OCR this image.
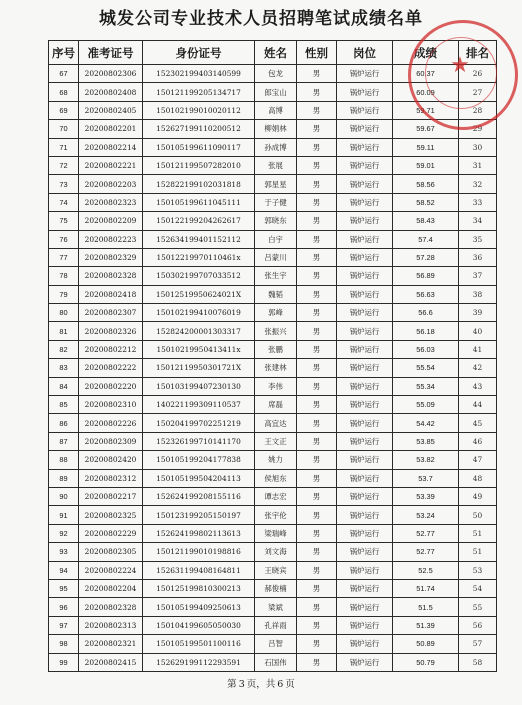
城发公司专业技术人员招聘笔试成绩名单
序号	准考证号	身份证号	姓名	性别	岗位	成绩	排名
67	20200802306	152302199403140599	包龙	男	锅炉运行	60.37	26
68	20200802408	150121199205134717	郎宝山	男	锅炉运行	60.09	27
69	20200802405	150102199010020112	高博	男	锅炉运行	59.71	28
70	20200802201	152627199110200512	柳娟林	男	锅炉运行	59.67	29
71	20200802214	150105199611090117	孙成博	男	锅炉运行	59.11	30
72	20200802221	150121199507282010	张展	男	锅炉运行	59.01	31
73	20200802203	152822199102031818	郭星星	男	锅炉运行	58.56	32
74	20200802323	150105199611045111	于子健	男	锅炉运行	58.52	33
75	20200802209	150122199204262617	郭晓东	男	锅炉运行	58.43	34
76	20200802223	152634199401152112	白宇	男	锅炉运行	57.4	35
77	20200802329	15012219970110461x	吕蒙川	男	锅炉运行	57.28	36
78	20200802328	150302199707033512	张生宇	男	锅炉运行	56.89	37
79	20200802418	15012519950624021X	魏韬	男	锅炉运行	56.63	38
80	20200802307	150102199410076019	郭峰	男	锅炉运行	56.6	39
81	20200802326	152824200001303317	张振兴	男	锅炉运行	56.18	40
82	20200802212	15010219950413411x	张鹏	男	锅炉运行	56.03	41
83	20200802222	15012119950301721X	张建林	男	锅炉运行	55.54	42
84	20200802220	150103199407230130	李伟	男	锅炉运行	55.34	43
85	20200802310	140221199309110537	席磊	男	锅炉运行	55.09	44
86	20200802226	150204199702251219	高宜达	男	锅炉运行	54.42	45
87	20200802309	152326199710141170	王文正	男	锅炉运行	53.85	46
88	20200802420	150105199204177838	姚力	男	锅炉运行	53.82	47
89	20200802312	150105199504204113	侯旭东	男	锅炉运行	53.7	48
90	20200802217	152624199208155116	谭志宏	男	锅炉运行	53.39	49
91	20200802325	150123199205150197	张宇伦	男	锅炉运行	53.24	50
92	20200802229	152624199802113613	梁瑞峰	男	锅炉运行	52.77	51
93	20200802305	150121199010198816	刘文海	男	锅炉运行	52.77	51
94	20200802224	152631199408164811	王晓宾	男	锅炉运行	52.5	53
95	20200802204	150125199810300213	郝俊楠	男	锅炉运行	51.74	54
96	20200802328	150105199409250613	梁斌	男	锅炉运行	51.5	55
97	20200802313	150104199605050030	孔祥雨	男	锅炉运行	51.39	56
98	20200802321	150105199501100116	吕智	男	锅炉运行	50.89	57
99	20200802415	152629199112293591	石国伟	男	锅炉运行	50.79	58
★
第 3 页，共 6 页
